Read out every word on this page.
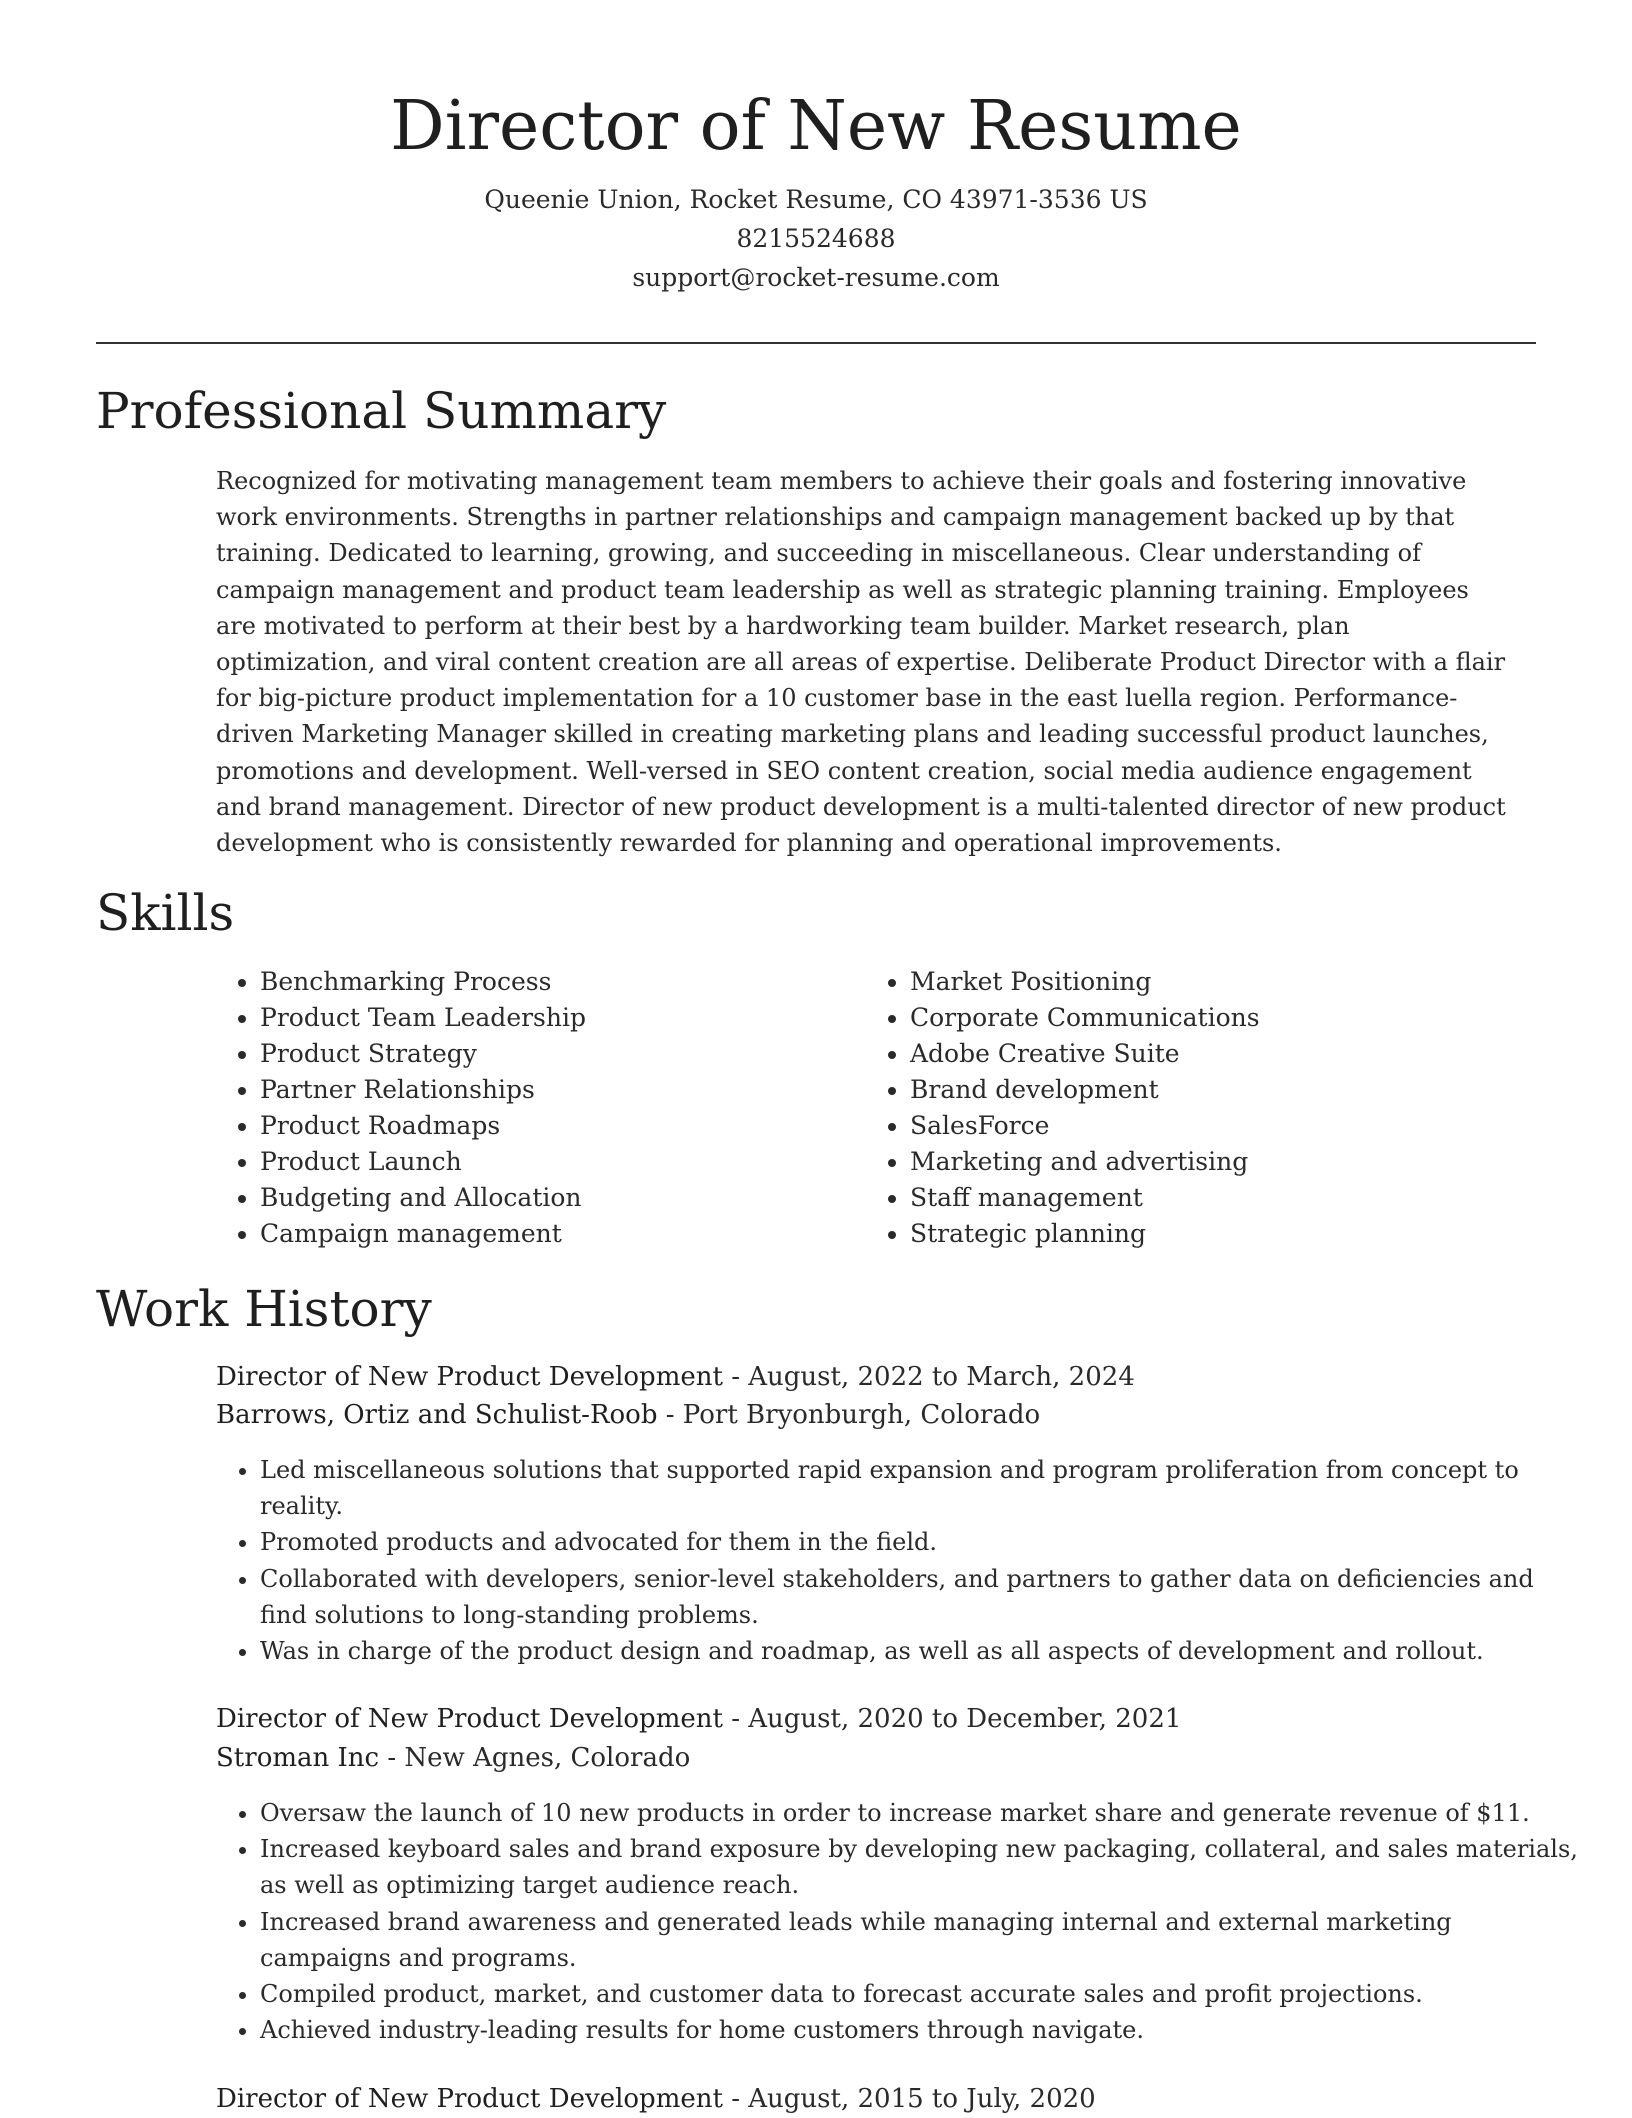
Director of New Resume

Queenie Union, Rocket Resume, CO 43971-3536 US

8215524688

support@rocket-resume.com

Professional Summary

Recognized for motivating management team members to achieve their goals and fostering innovative work environments. Strengths in partner relationships and campaign management backed up by that training. Dedicated to learning, growing, and succeeding in miscellaneous. Clear understanding of campaign management and product team leadership as well as strategic planning training. Employees are motivated to perform at their best by a hardworking team builder. Market research, plan optimization, and viral content creation are all areas of expertise. Deliberate Product Director with a flair for big-picture product implementation for a 10 customer base in the east luella region. Performance-driven Marketing Manager skilled in creating marketing plans and leading successful product launches, promotions and development. Well-versed in SEO content creation, social media audience engagement and brand management. Director of new product development is a multi-talented director of new product development who is consistently rewarded for planning and operational improvements.

Skills
• Benchmarking Process
• Product Team Leadership
• Product Strategy
• Partner Relationships
• Product Roadmaps
• Product Launch
• Budgeting and Allocation
• Campaign management
• Market Positioning
• Corporate Communications
• Adobe Creative Suite
• Brand development
• SalesForce
• Marketing and advertising
• Staff management
• Strategic planning
Work History

Director of New Product Development - August, 2022 to March, 2024

Barrows, Ortiz and Schulist-Roob - Port Bryonburgh, Colorado

• Led miscellaneous solutions that supported rapid expansion and program proliferation from concept to reality.
• Promoted products and advocated for them in the field.
• Collaborated with developers, senior-level stakeholders, and partners to gather data on deficiencies and find solutions to long-standing problems.
• Was in charge of the product design and roadmap, as well as all aspects of development and rollout.

Director of New Product Development - August, 2020 to December, 2021

Stroman Inc - New Agnes, Colorado

• Oversaw the launch of 10 new products in order to increase market share and generate revenue of $11.
• Increased keyboard sales and brand exposure by developing new packaging, collateral, and sales materials, as well as optimizing target audience reach.
• Increased brand awareness and generated leads while managing internal and external marketing campaigns and programs.
• Compiled product, market, and customer data to forecast accurate sales and profit projections.
• Achieved industry-leading results for home customers through navigate.

Director of New Product Development - August, 2015 to July, 2020
